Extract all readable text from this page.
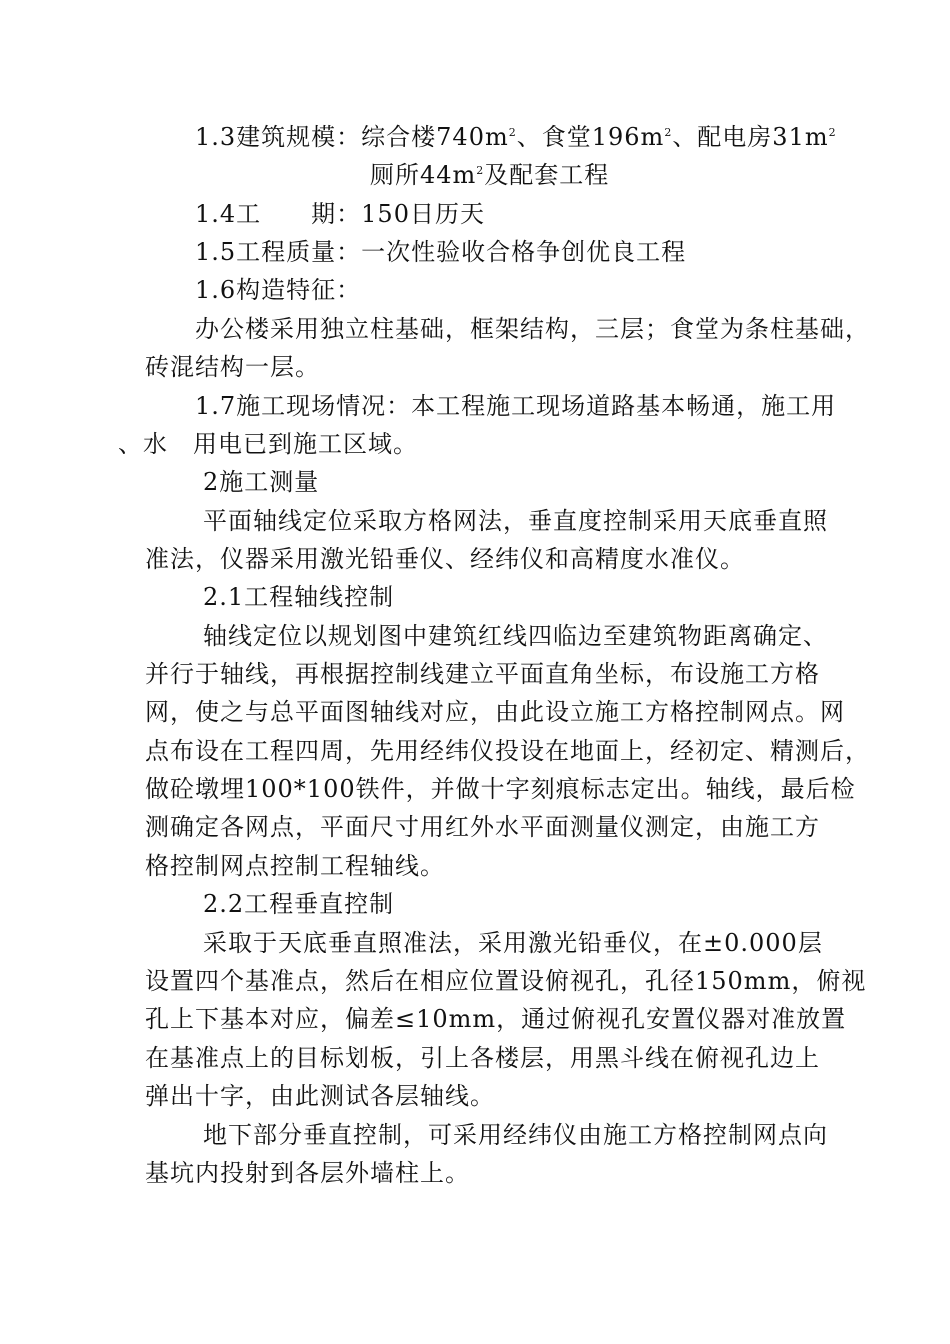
1.3建筑规模：综合楼$740m^2$、食堂$196m^2$、配电房$31m^2$
厕所$44m^2$及配套工程
1.4工　　期：150日历天
1.5工程质量：一次性验收合格争创优良工程
1.6构造特征：
办公楼采用独立柱基础，框架结构，三层；食堂为条柱基础，
砖混结构一层。
1.7施工现场情况：本工程施工现场道路基本畅通，施工用
、水　用电已到施工区域。
2施工测量
平面轴线定位采取方格网法，垂直度控制采用天底垂直照
准法，仪器采用激光铅垂仪、经纬仪和高精度水准仪。
2.1工程轴线控制
轴线定位以规划图中建筑红线四临边至建筑物距离确定、
并行于轴线，再根据控制线建立平面直角坐标，布设施工方格
网，使之与总平面图轴线对应，由此设立施工方格控制网点。网
点布设在工程四周，先用经纬仪投设在地面上，经初定、精测后，
做砼墩埋100*100铁件，并做十字刻痕标志定出。轴线，最后检
测确定各网点，平面尺寸用红外水平面测量仪测定，由施工方
格控制网点控制工程轴线。
2.2工程垂直控制
采取于天底垂直照准法，采用激光铅垂仪，在±0.000层
设置四个基准点，然后在相应位置设俯视孔，孔径150mm，俯视
孔上下基本对应，偏差≤10mm，通过俯视孔安置仪器对准放置
在基准点上的目标划板，引上各楼层，用黑斗线在俯视孔边上
弹出十字，由此测试各层轴线。
地下部分垂直控制，可采用经纬仪由施工方格控制网点向
基坑内投射到各层外墙柱上。
